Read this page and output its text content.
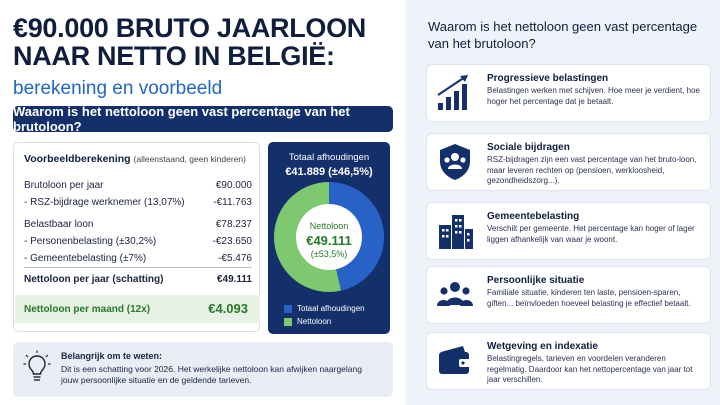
€90.000 BRUTO JAARLOON NAAR NETTO IN BELGIË:
berekening en voorbeeld
Waarom is het nettoloon geen vast percentage van het brutoloon?
Voorbeeldberekening (alleenstaand, geen kinderen)
Brutoloon per jaar	€90.000
- RSZ-bijdrage werknemer (13,07%)	-€11.763
Belastbaar loon	€78.237
- Personenbelasting (±30,2%)	-€23.650
- Gemeentebelasting (±7%)	-€5.476
Nettoloon per jaar (schatting)	€49.111
Nettoloon per maand (12x)	€4.093
Totaal afhoudingen
€41.889 (±46,5%)
Nettoloon
€49.111
(±53,5%)
Totaal afhoudingen
Nettoloon
Belangrijk om te weten:
Dit is een schatting voor 2026. Het werkelijke nettoloon kan afwijken naargelang jouw persoonlijke situatie en de geldende tarieven.
Waarom is het nettoloon geen vast percentage van het brutoloon?
Progressieve belastingen
Belastingen werken met schijven. Hoe meer je verdient, hoe hoger het percentage dat je betaalt.
Sociale bijdragen
RSZ-bijdragen zijn een vast percentage van het bruto-loon, maar leveren rechten op (pensioen, werkloosheid, gezondheidszorg...).
Gemeentebelasting
Verschilt per gemeente. Het percentage kan hoger of lager liggen afhankelijk van waar je woont.
Persoonlijke situatie
Familiale situatie, kinderen ten laste, pensioen-sparen, giften... beïnvloeden hoeveel belasting je effectief betaalt.
Wetgeving en indexatie
Belastingregels, tarieven en voordelen veranderen regelmatig. Daardoor kan het nettopercentage van jaar tot jaar verschillen.
